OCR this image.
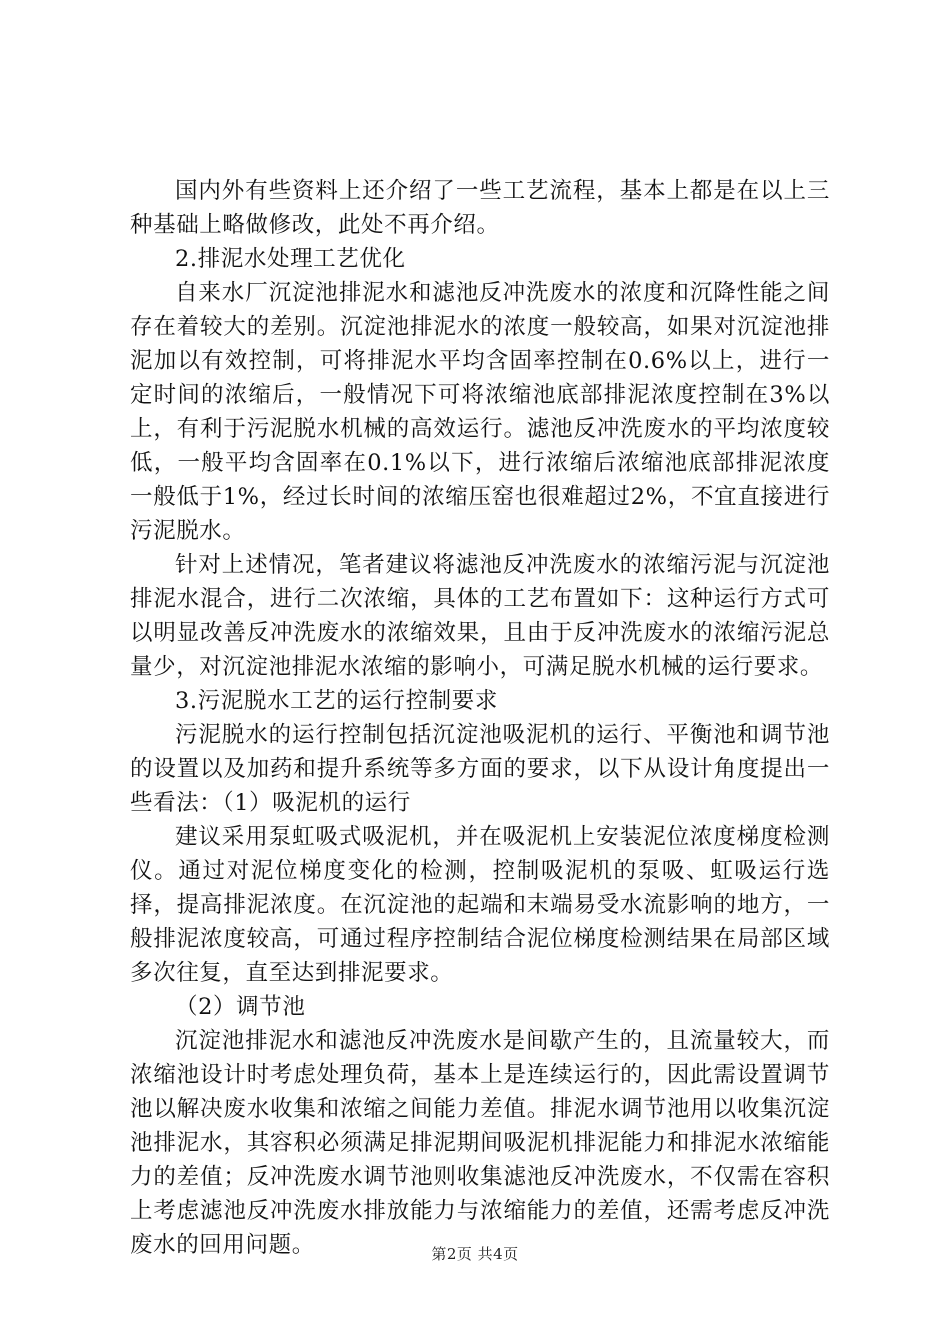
国内外有些资料上还介绍了一些工艺流程，基本上都是在以上三种基础上略做修改，此处不再介绍。

2.排泥水处理工艺优化

自来水厂沉淀池排泥水和滤池反冲洗废水的浓度和沉降性能之间存在着较大的差别。沉淀池排泥水的浓度一般较高，如果对沉淀池排泥加以有效控制，可将排泥水平均含固率控制在0.6%以上，进行一定时间的浓缩后，一般情况下可将浓缩池底部排泥浓度控制在3%以上，有利于污泥脱水机械的高效运行。滤池反冲洗废水的平均浓度较低，一般平均含固率在0.1%以下，进行浓缩后浓缩池底部排泥浓度一般低于1%，经过长时间的浓缩压窑也很难超过2%，不宜直接进行污泥脱水。

针对上述情况，笔者建议将滤池反冲洗废水的浓缩污泥与沉淀池排泥水混合，进行二次浓缩，具体的工艺布置如下：这种运行方式可以明显改善反冲洗废水的浓缩效果，且由于反冲洗废水的浓缩污泥总量少，对沉淀池排泥水浓缩的影响小，可满足脱水机械的运行要求。

3.污泥脱水工艺的运行控制要求

污泥脱水的运行控制包括沉淀池吸泥机的运行、平衡池和调节池的设置以及加药和提升系统等多方面的要求，以下从设计角度提出一些看法：（1）吸泥机的运行

建议采用泵虹吸式吸泥机，并在吸泥机上安装泥位浓度梯度检测仪。通过对泥位梯度变化的检测，控制吸泥机的泵吸、虹吸运行选择，提高排泥浓度。在沉淀池的起端和末端易受水流影响的地方，一般排泥浓度较高，可通过程序控制结合泥位梯度检测结果在局部区域多次往复，直至达到排泥要求。

（2）调节池

沉淀池排泥水和滤池反冲洗废水是间歇产生的，且流量较大，而浓缩池设计时考虑处理负荷，基本上是连续运行的，因此需设置调节池以解决废水收集和浓缩之间能力差值。排泥水调节池用以收集沉淀池排泥水，其容积必须满足排泥期间吸泥机排泥能力和排泥水浓缩能力的差值；反冲洗废水调节池则收集滤池反冲洗废水，不仅需在容积上考虑滤池反冲洗废水排放能力与浓缩能力的差值，还需考虑反冲洗废水的回用问题。	第2页 共4页
